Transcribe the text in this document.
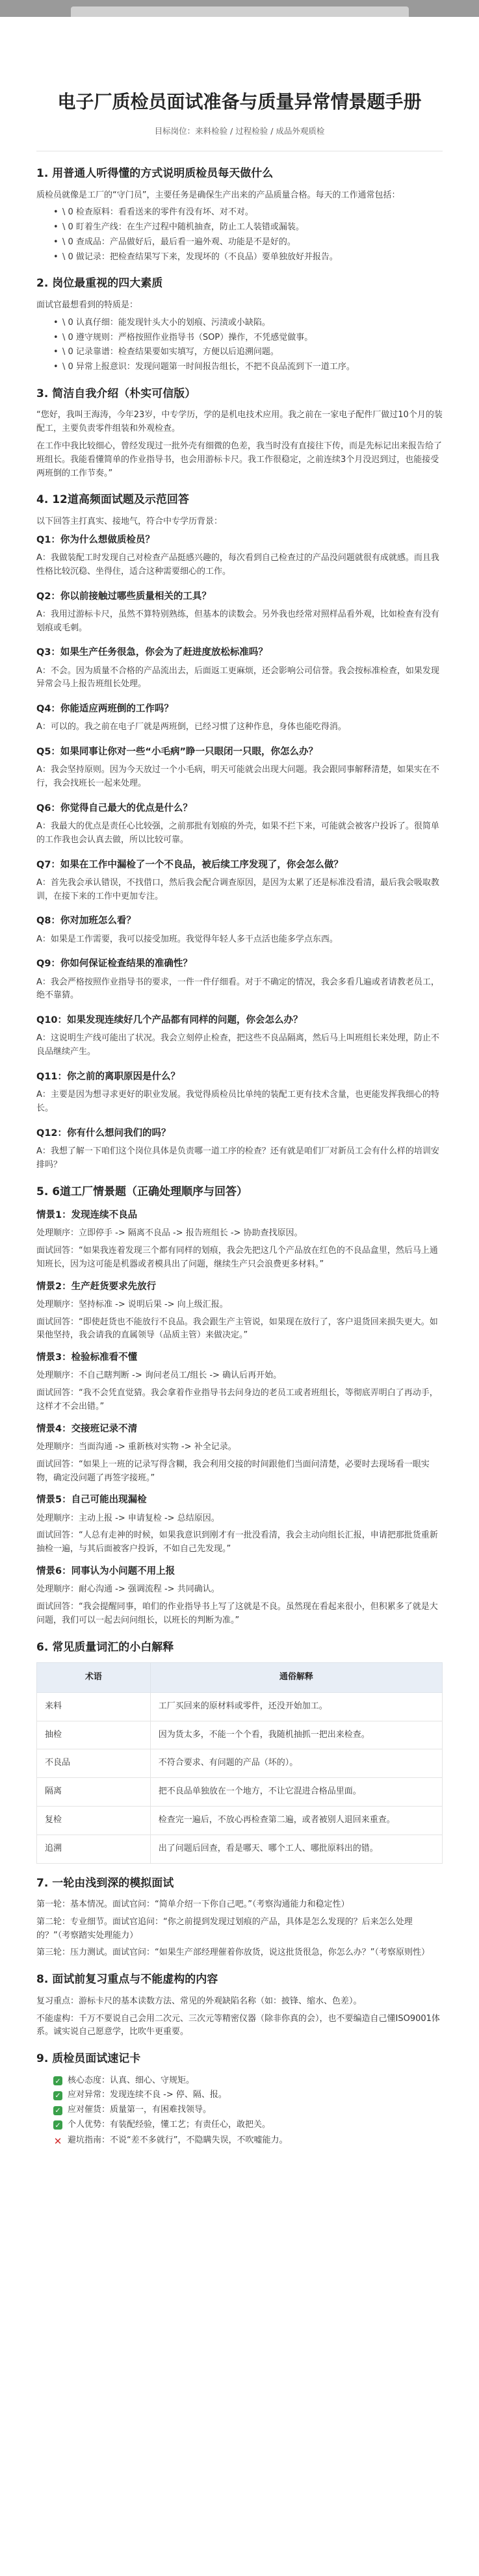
电子厂质检员面试准备与质量异常情景题手册
目标岗位：来料检验 / 过程检验 / 成品外观质检
1. 用普通人听得懂的方式说明质检员每天做什么

质检员就像是工厂的“守门员”，主要任务是确保生产出来的产品质量合格。每天的工作通常包括：

• \ 0 检查原料：看看送来的零件有没有坏、对不对。
• \ 0 盯着生产线：在生产过程中随机抽查，防止工人装错或漏装。
• \ 0 查成品：产品做好后，最后看一遍外观、功能是不是好的。
• \ 0 做记录：把检查结果写下来，发现坏的（不良品）要单独放好并报告。
2. 岗位最重视的四大素质

面试官最想看到的特质是：

• \ 0 认真仔细：能发现针头大小的划痕、污渍或小缺陷。
• \ 0 遵守规则：严格按照作业指导书（SOP）操作，不凭感觉做事。
• \ 0 记录靠谱：检查结果要如实填写，方便以后追溯问题。
• \ 0 异常上报意识：发现问题第一时间报告组长，不把不良品流到下一道工序。
3. 简洁自我介绍（朴实可信版）

“您好，我叫王海涛，今年23岁，中专学历，学的是机电技术应用。我之前在一家电子配件厂做过10个月的装配工，主要负责零件组装和外观检查。

在工作中我比较细心，曾经发现过一批外壳有细微的色差，我当时没有直接往下传，而是先标记出来报告给了班组长。我能看懂简单的作业指导书，也会用游标卡尺。我工作很稳定，之前连续3个月没迟到过，也能接受两班倒的工作节奏。”

4. 12道高频面试题及示范回答

以下回答主打真实、接地气，符合中专学历背景：

Q1：你为什么想做质检员？
A：我做装配工时发现自己对检查产品挺感兴趣的，每次看到自己检查过的产品没问题就很有成就感。而且我性格比较沉稳、坐得住，适合这种需要细心的工作。
Q2：你以前接触过哪些质量相关的工具？
A：我用过游标卡尺，虽然不算特别熟练，但基本的读数会。另外我也经常对照样品看外观，比如检查有没有划痕或毛刺。
Q3：如果生产任务很急，你会为了赶进度放松标准吗？
A：不会。因为质量不合格的产品流出去，后面返工更麻烦，还会影响公司信誉。我会按标准检查，如果发现异常会马上报告班组长处理。
Q4：你能适应两班倒的工作吗？
A：可以的。我之前在电子厂就是两班倒，已经习惯了这种作息，身体也能吃得消。
Q5：如果同事让你对一些“小毛病”睁一只眼闭一只眼，你怎么办？
A：我会坚持原则。因为今天放过一个小毛病，明天可能就会出现大问题。我会跟同事解释清楚，如果实在不行，我会找班长一起来处理。
Q6：你觉得自己最大的优点是什么？
A：我最大的优点是责任心比较强，之前那批有划痕的外壳，如果不拦下来，可能就会被客户投诉了。很简单的工作我也会认真去做，所以比较可靠。
Q7：如果在工作中漏检了一个不良品，被后续工序发现了，你会怎么做？
A：首先我会承认错误，不找借口，然后我会配合调查原因，是因为太累了还是标准没看清，最后我会吸取教训，在接下来的工作中更加专注。
Q8：你对加班怎么看？
A：如果是工作需要，我可以接受加班。我觉得年轻人多干点活也能多学点东西。
Q9：你如何保证检查结果的准确性？
A：我会严格按照作业指导书的要求，一件一件仔细看。对于不确定的情况，我会多看几遍或者请教老员工，绝不靠猜。
Q10：如果发现连续好几个产品都有同样的问题，你会怎么办？
A：这说明生产线可能出了状况。我会立刻停止检查，把这些不良品隔离，然后马上叫班组长来处理，防止不良品继续产生。
Q11：你之前的离职原因是什么？
A：主要是因为想寻求更好的职业发展。我觉得质检员比单纯的装配工更有技术含量，也更能发挥我细心的特长。
Q12：你有什么想问我们的吗？
A：我想了解一下咱们这个岗位具体是负责哪一道工序的检查？还有就是咱们厂对新员工会有什么样的培训安排吗？
5. 6道工厂情景题（正确处理顺序与回答）
情景1：发现连续不良品

处理顺序：立即停手 -> 隔离不良品 -> 报告班组长 -> 协助查找原因。

面试回答：“如果我连着发现三个都有同样的划痕，我会先把这几个产品放在红色的不良品盒里，然后马上通知班长，因为这可能是机器或者模具出了问题，继续生产只会浪费更多材料。”

情景2：生产赶货要求先放行

处理顺序：坚持标准 -> 说明后果 -> 向上级汇报。

面试回答：“即使赶货也不能放行不良品。我会跟生产主管说，如果现在放行了，客户退货回来损失更大。如果他坚持，我会请我的直属领导（品质主管）来做决定。”

情景3：检验标准看不懂

处理顺序：不自己瞎判断 -> 询问老员工/组长 -> 确认后再开始。

面试回答：“我不会凭直觉猜。我会拿着作业指导书去问身边的老员工或者班组长，等彻底弄明白了再动手，这样才不会出错。”

情景4：交接班记录不清

处理顺序：当面沟通 -> 重新核对实物 -> 补全记录。

面试回答：“如果上一班的记录写得含糊，我会利用交接的时间跟他们当面问清楚，必要时去现场看一眼实物，确定没问题了再签字接班。”

情景5：自己可能出现漏检

处理顺序：主动上报 -> 申请复检 -> 总结原因。

面试回答：“人总有走神的时候，如果我意识到刚才有一批没看清，我会主动向组长汇报，申请把那批货重新抽检一遍，与其后面被客户投诉，不如自己先发现。”

情景6：同事认为小问题不用上报

处理顺序：耐心沟通 -> 强调流程 -> 共同确认。

面试回答：“我会提醒同事，咱们的作业指导书上写了这就是不良。虽然现在看起来很小，但积累多了就是大问题，我们可以一起去问问组长，以班长的判断为准。”

6. 常见质量词汇的小白解释
术语	通俗解释
来料	工厂买回来的原材料或零件，还没开始加工。
抽检	因为货太多，不能一个个看，我随机抽抓一把出来检查。
不良品	不符合要求、有问题的产品（坏的）。
隔离	把不良品单独放在一个地方，不让它混进合格品里面。
复检	检查完一遍后，不放心再检查第二遍，或者被别人退回来重查。
追溯	出了问题后回查，看是哪天、哪个工人、哪批原料出的错。
7. 一轮由浅到深的模拟面试

第一轮：基本情况。面试官问：“简单介绍一下你自己吧。”（考察沟通能力和稳定性）

第二轮：专业细节。面试官追问：“你之前提到发现过划痕的产品，具体是怎么发现的？后来怎么处理的？”（考察踏实处理能力）

第三轮：压力测试。面试官问：“如果生产部经理催着你放货，说这批货很急，你怎么办？”（考察原则性）

8. 面试前复习重点与不能虚构的内容

复习重点：游标卡尺的基本读数方法、常见的外观缺陷名称（如：披锋、缩水、色差）。

不能虚构：千万不要说自己会用二次元、三次元等精密仪器（除非你真的会），也不要编造自己懂ISO9001体系。诚实说自己愿意学，比吹牛更重要。

9. 质检员面试速记卡
✓ 核心态度：认真、细心、守规矩。
✓ 应对异常：发现连续不良 -> 停、隔、报。
✓ 应对催货：质量第一，有困难找领导。
✓ 个人优势：有装配经验，懂工艺；有责任心，敢把关。
✕ 避坑指南：不说“差不多就行”，不隐瞒失误，不吹嘘能力。
